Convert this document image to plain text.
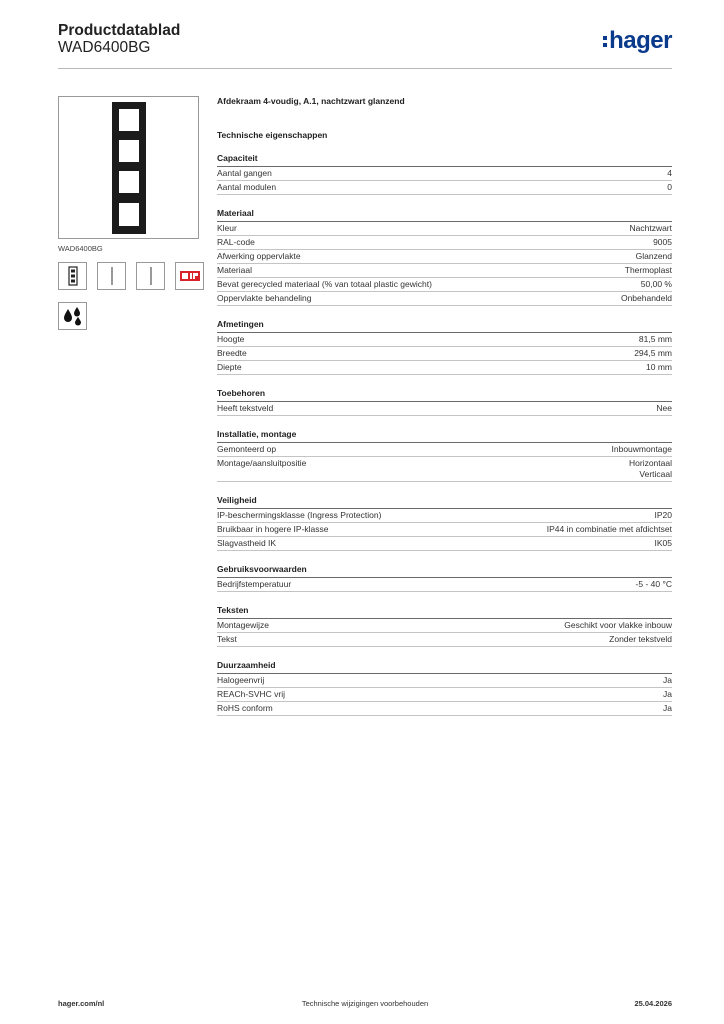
Productdatablad
WAD6400BG	hager
WAD6400BG
Afdekraam 4-voudig, A.1, nachtzwart glanzend
Technische eigenschappen
Capaciteit
Aantal gangen	4
Aantal modulen	0
Materiaal
Kleur	Nachtzwart
RAL-code	9005
Afwerking oppervlakte	Glanzend
Materiaal	Thermoplast
Bevat gerecycled materiaal (% van totaal plastic gewicht)	50,00 %
Oppervlakte behandeling	Onbehandeld
Afmetingen
Hoogte	81,5 mm
Breedte	294,5 mm
Diepte	10 mm
Toebehoren
Heeft tekstveld	Nee
Installatie, montage
Gemonteerd op	Inbouwmontage
Montage/aansluitpositie	Horizontaal
Verticaal
Veiligheid
IP-beschermingsklasse (Ingress Protection)	IP20
Bruikbaar in hogere IP-klasse	IP44 in combinatie met afdichtset
Slagvastheid IK	IK05
Gebruiksvoorwaarden
Bedrijfstemperatuur	-5 - 40 °C
Teksten
Montagewijze	Geschikt voor vlakke inbouw
Tekst	Zonder tekstveld
Duurzaamheid
Halogeenvrij	Ja
REACh-SVHC vrij	Ja
RoHS conform	Ja
hager.com/nl	Technische wijzigingen voorbehouden	25.04.2026
